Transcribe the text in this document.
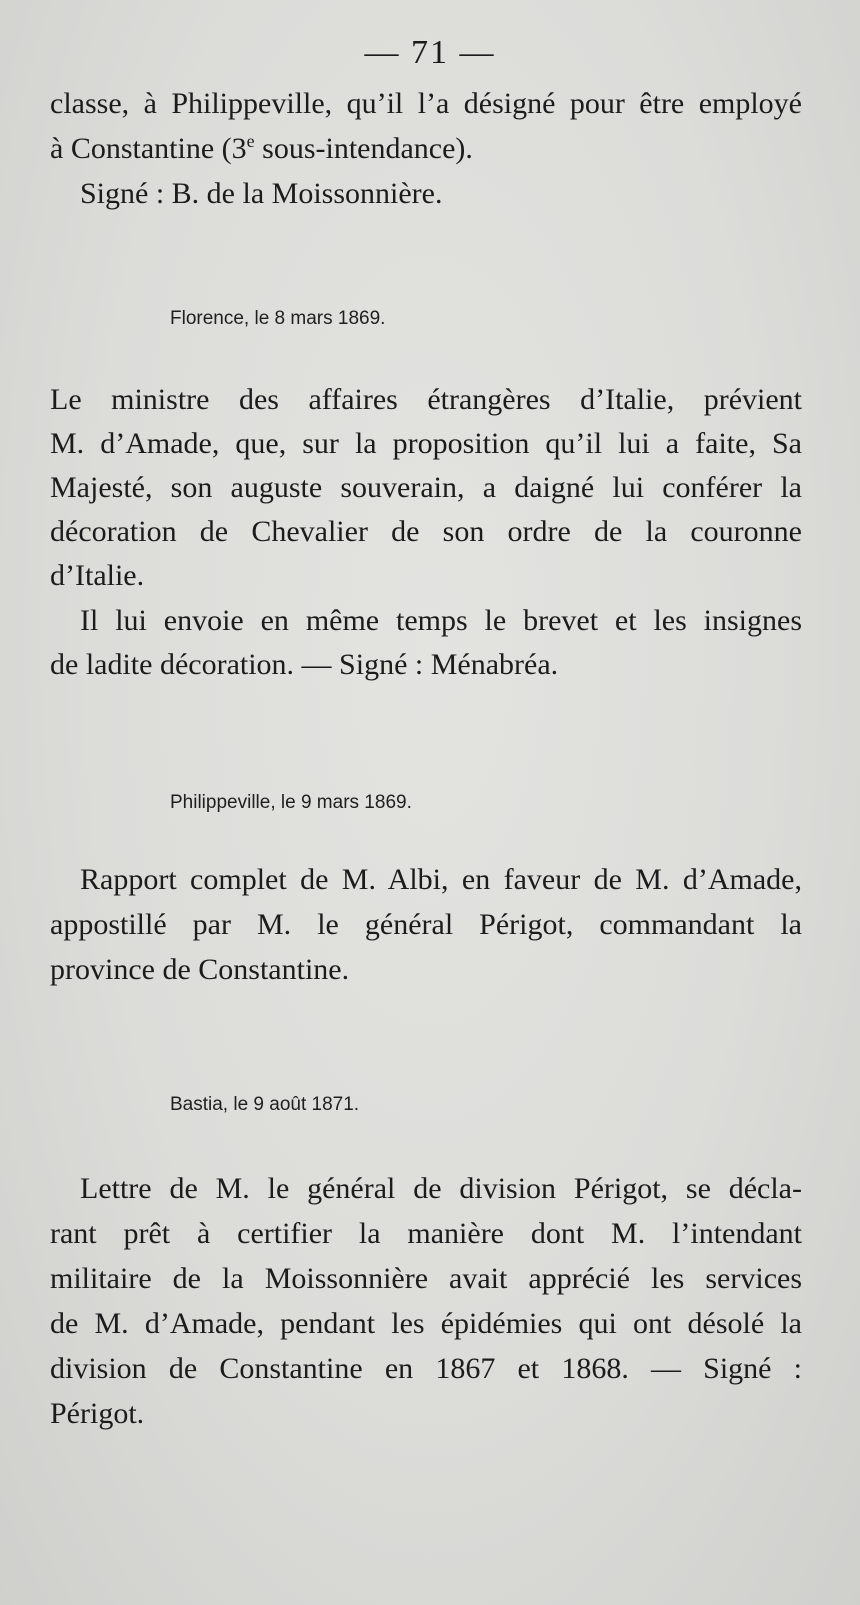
— 71 —
classe, à Philippeville, qu’il l’a désigné pour être employé
à Constantine (3e sous-intendance).
Signé : B. de la Moissonnière.
Florence, le 8 mars 1869.
Le ministre des affaires étrangères d’Italie, prévient
M. d’Amade, que, sur la proposition qu’il lui a faite, Sa
Majesté, son auguste souverain, a daigné lui conférer la
décoration de Chevalier de son ordre de la couronne
d’Italie.
Il lui envoie en même temps le brevet et les insignes
de ladite décoration. — Signé : Ménabréa.
Philippeville, le 9 mars 1869.
Rapport complet de M. Albi, en faveur de M. d’Amade,
appostillé par M. le général Périgot, commandant la
province de Constantine.
Bastia, le 9 août 1871.
Lettre de M. le général de division Périgot, se décla-
rant prêt à certifier la manière dont M. l’intendant
militaire de la Moissonnière avait apprécié les services
de M. d’Amade, pendant les épidémies qui ont désolé la
division de Constantine en 1867 et 1868. — Signé :
Périgot.
